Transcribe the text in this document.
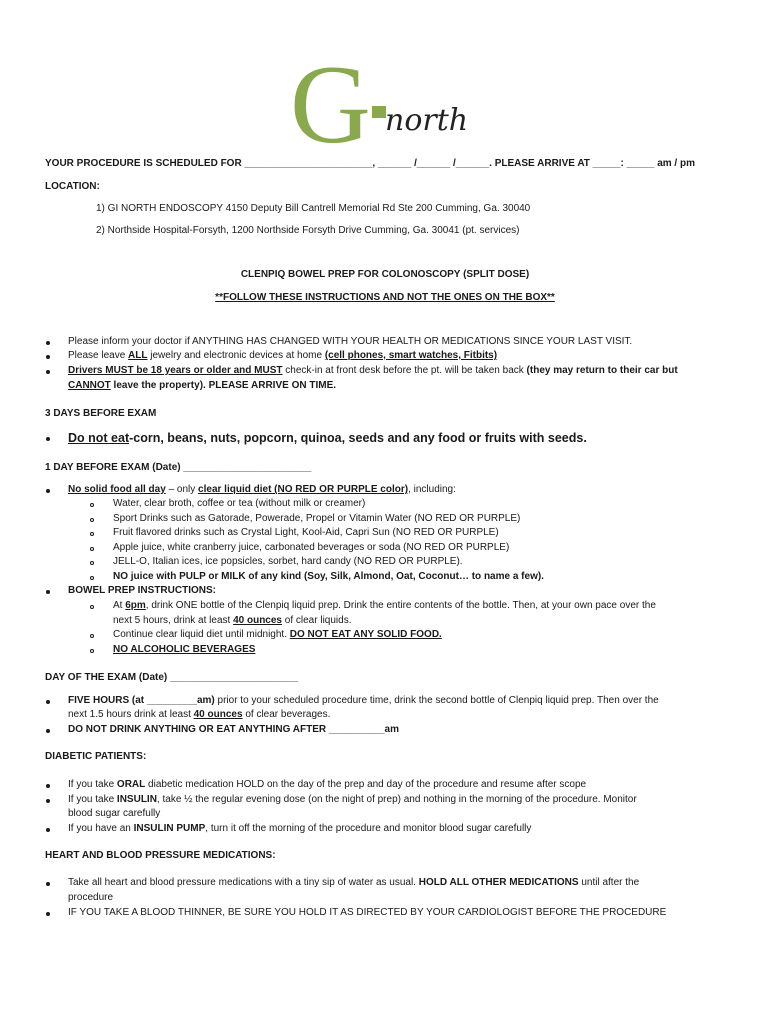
G north
YOUR PROCEDURE IS SCHEDULED FOR _______________________, ______ /______ /______. PLEASE ARRIVE AT _____: _____ am / pm
LOCATION:
1) GI NORTH ENDOSCOPY 4150 Deputy Bill Cantrell Memorial Rd Ste 200 Cumming, Ga. 30040
2) Northside Hospital-Forsyth, 1200 Northside Forsyth Drive Cumming, Ga. 30041 (pt. services)
CLENPIQ BOWEL PREP FOR COLONOSCOPY (SPLIT DOSE)
**FOLLOW THESE INSTRUCTIONS AND NOT THE ONES ON THE BOX**
Please inform your doctor if ANYTHING HAS CHANGED WITH YOUR HEALTH OR MEDICATIONS SINCE YOUR LAST VISIT.
Please leave ALL jewelry and electronic devices at home (cell phones, smart watches, Fitbits)
Drivers MUST be 18 years or older and MUST check-in at front desk before the pt. will be taken back (they may return to their car but
CANNOT leave the property). PLEASE ARRIVE ON TIME.
3 DAYS BEFORE EXAM
Do not eat-corn, beans, nuts, popcorn, quinoa, seeds and any food or fruits with seeds.
1 DAY BEFORE EXAM (Date) _______________________
No solid food all day – only clear liquid diet (NO RED OR PURPLE color), including:
Water, clear broth, coffee or tea (without milk or creamer)
Sport Drinks such as Gatorade, Powerade, Propel or Vitamin Water (NO RED OR PURPLE)
Fruit flavored drinks such as Crystal Light, Kool-Aid, Capri Sun (NO RED OR PURPLE)
Apple juice, white cranberry juice, carbonated beverages or soda (NO RED OR PURPLE)
JELL-O, Italian ices, ice popsicles, sorbet, hard candy (NO RED OR PURPLE).
NO juice with PULP or MILK of any kind (Soy, Silk, Almond, Oat, Coconut… to name a few).
BOWEL PREP INSTRUCTIONS:
At 6pm, drink ONE bottle of the Clenpiq liquid prep. Drink the entire contents of the bottle. Then, at your own pace over the
next 5 hours, drink at least 40 ounces of clear liquids.
Continue clear liquid diet until midnight. DO NOT EAT ANY SOLID FOOD.
NO ALCOHOLIC BEVERAGES
DAY OF THE EXAM (Date) _______________________
FIVE HOURS (at _________am) prior to your scheduled procedure time, drink the second bottle of Clenpiq liquid prep. Then over the
next 1.5 hours drink at least 40 ounces of clear beverages.
DO NOT DRINK ANYTHING OR EAT ANYTHING AFTER __________am
DIABETIC PATIENTS:
If you take ORAL diabetic medication HOLD on the day of the prep and day of the procedure and resume after scope
If you take INSULIN, take ½ the regular evening dose (on the night of prep) and nothing in the morning of the procedure. Monitor
blood sugar carefully
If you have an INSULIN PUMP, turn it off the morning of the procedure and monitor blood sugar carefully
HEART AND BLOOD PRESSURE MEDICATIONS:
Take all heart and blood pressure medications with a tiny sip of water as usual. HOLD ALL OTHER MEDICATIONS until after the
procedure
IF YOU TAKE A BLOOD THINNER, BE SURE YOU HOLD IT AS DIRECTED BY YOUR CARDIOLOGIST BEFORE THE PROCEDURE
